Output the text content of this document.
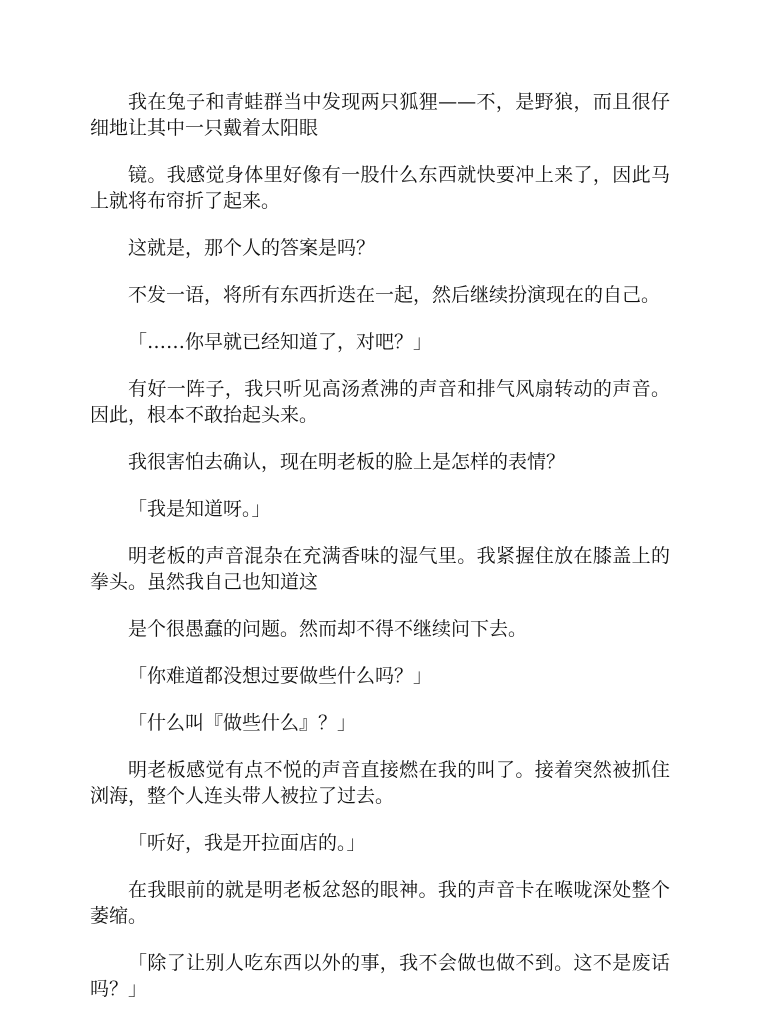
我在兔子和青蛙群当中发现两只狐狸——不，是野狼，而且很仔细地让其中一只戴着太阳眼

镜。我感觉身体里好像有一股什么东西就快要冲上来了，因此马上就将布帘折了起来。

这就是，那个人的答案是吗？

不发一语，将所有东西折迭在一起，然后继续扮演现在的自己。

「……你早就已经知道了，对吧？」

有好一阵子，我只听见高汤煮沸的声音和排气风扇转动的声音。因此，根本不敢抬起头来。

我很害怕去确认，现在明老板的脸上是怎样的表情？

「我是知道呀。」

明老板的声音混杂在充满香味的湿气里。我紧握住放在膝盖上的拳头。虽然我自己也知道这

是个很愚蠢的问题。然而却不得不继续问下去。

「你难道都没想过要做些什么吗？」

「什么叫『做些什么』？」

明老板感觉有点不悦的声音直接燃在我的叫了。接着突然被抓住浏海，整个人连头带人被拉了过去。

「听好，我是开拉面店的。」

在我眼前的就是明老板忿怒的眼神。我的声音卡在喉咙深处整个萎缩。

「除了让别人吃东西以外的事，我不会做也做不到。这不是废话吗？」
